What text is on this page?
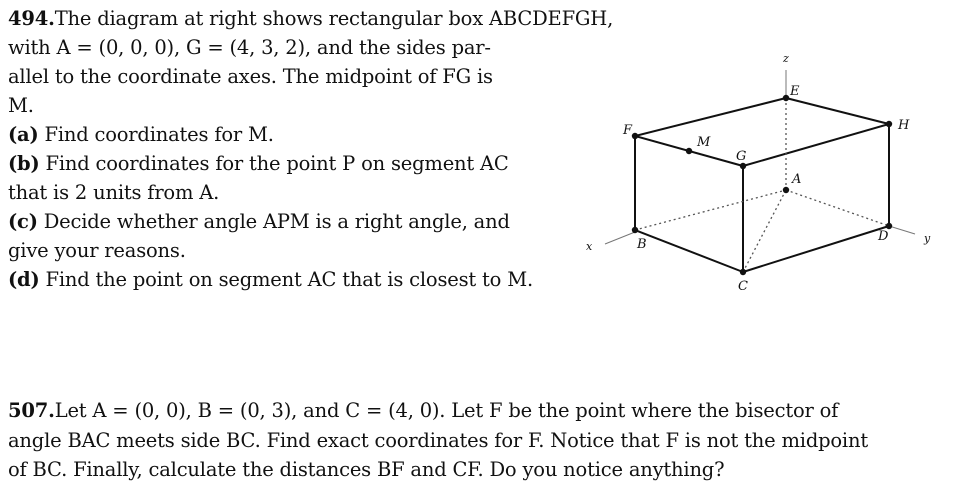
494.The diagram at right shows rectangular box ABCDEFGH,
with A = (0, 0, 0), G = (4, 3, 2), and the sides par-
allel to the coordinate axes. The midpoint of FG is
M.
(a) Find coordinates for M.
(b) Find coordinates for the point P on segment AC
that is 2 units from A.
(c) Decide whether angle APM is a right angle, and
give your reasons.
(d) Find the point on segment AC that is closest to M.
z
x
y
F
M
G
E
H
A
B
C
D
507.Let A = (0, 0), B = (0, 3), and C = (4, 0). Let F be the point where the bisector of
angle BAC meets side BC. Find exact coordinates for F. Notice that F is not the midpoint
of BC. Finally, calculate the distances BF and CF. Do you notice anything?
